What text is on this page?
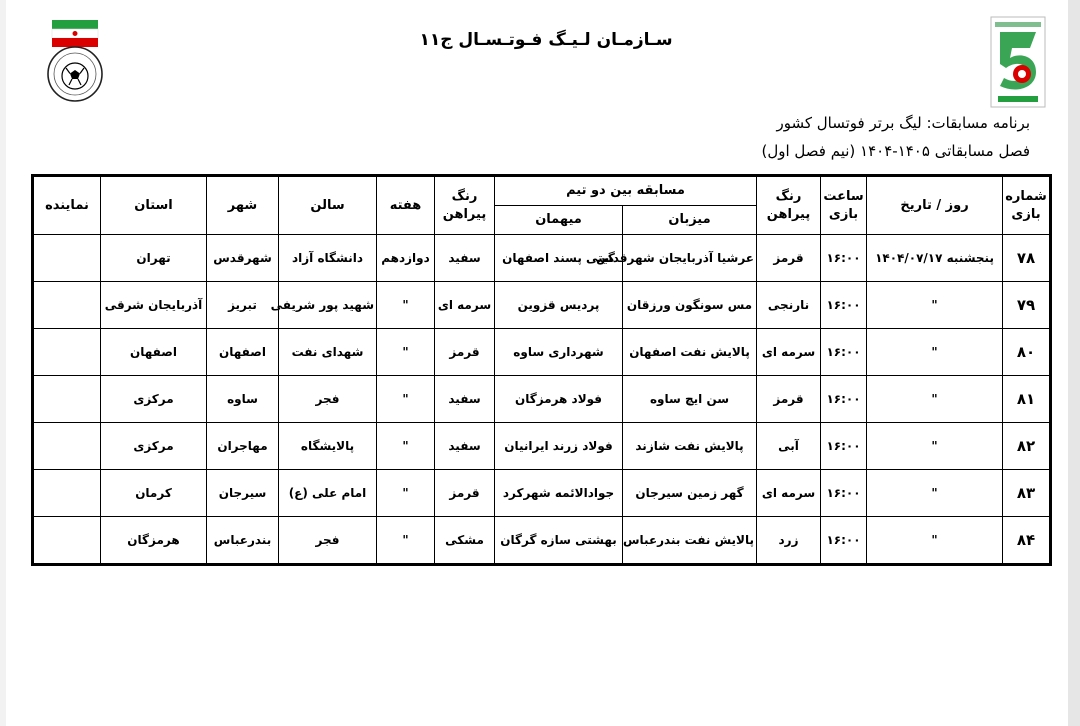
سـازمـان لـیـگ فـوتـسـال ج۱۱
برنامه مسابقات: لیگ برتر فوتسال کشور
فصل مسابقاتی ۱۴۰۵-۱۴۰۴ (نیم فصل اول)
شماره بازی	روز / تاریخ	ساعت بازی	رنگ پیراهن	مسابقه بین دو تیم		رنگ پیراهن	هفته	سالن	شهر	استان	نماینده
				میزبان	میهمان						
۷۸	پنجشنبه ۱۴۰۴/۰۷/۱۷	۱۶:۰۰	قرمز	عرشیا آذربایجان شهرقدس	گیتی پسند اصفهان	سفید	دوازدهم	دانشگاه آزاد	شهرقدس	تهران	
۷۹	"	۱۶:۰۰	نارنجی	مس سونگون ورزقان	پردیس قزوین	سرمه ای	"	شهید پور شریفی	تبریز	آذربایجان شرقی	
۸۰	"	۱۶:۰۰	سرمه ای	پالایش نفت اصفهان	شهرداری ساوه	قرمز	"	شهدای نفت	اصفهان	اصفهان	
۸۱	"	۱۶:۰۰	قرمز	سن ایچ ساوه	فولاد هرمزگان	سفید	"	فجر	ساوه	مرکزی	
۸۲	"	۱۶:۰۰	آبی	پالایش نفت شازند	فولاد زرند ایرانیان	سفید	"	پالایشگاه	مهاجران	مرکزی	
۸۳	"	۱۶:۰۰	سرمه ای	گهر زمین سیرجان	جوادالائمه شهرکرد	قرمز	"	امام علی (ع)	سیرجان	کرمان	
۸۴	"	۱۶:۰۰	زرد	پالایش نفت بندرعباس	بهشتی سازه گرگان	مشکی	"	فجر	بندرعباس	هرمزگان	
